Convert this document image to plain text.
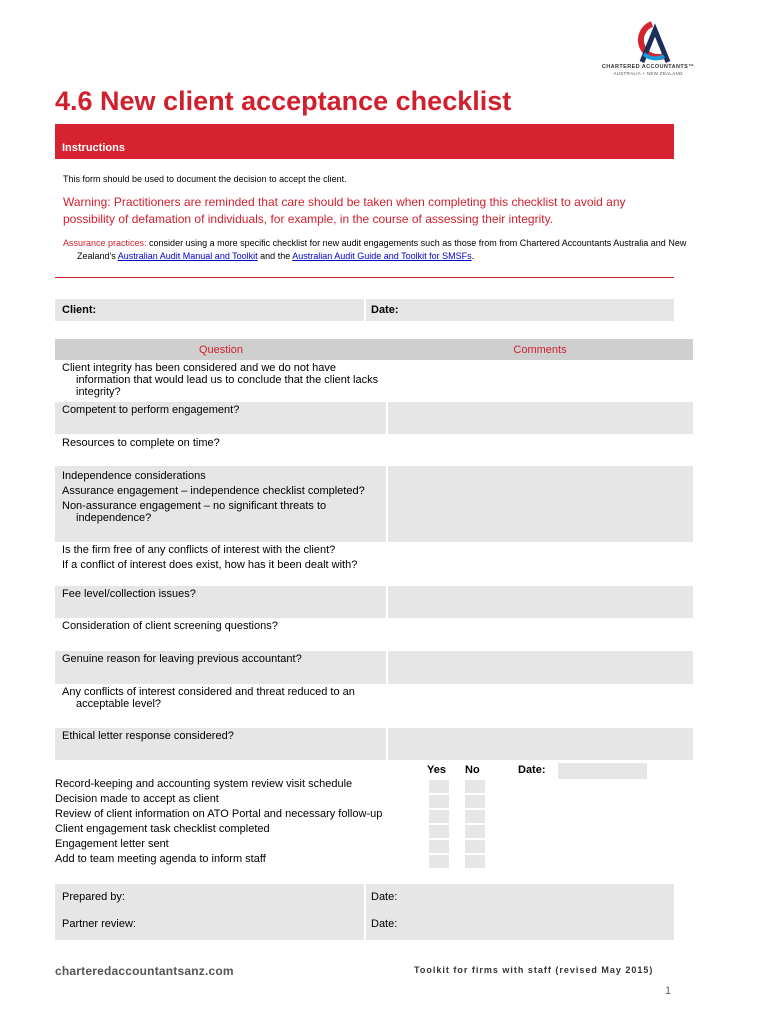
CHARTERED ACCOUNTANTS™
AUSTRALIA + NEW ZEALAND
4.6 New client acceptance checklist
Instructions
This form should be used to document the decision to accept the client.
Warning: Practitioners are reminded that care should be taken when completing this checklist to avoid any possibility of defamation of individuals, for example, in the course of assessing their integrity.
Assurance practices: consider using a more specific checklist for new audit engagements such as those from from Chartered Accountants Australia and New Zealand's Australian Audit Manual and Toolkit and the Australian Audit Guide and Toolkit for SMSFs.
Client:	Date:
Question	Comments

Client integrity has been considered and we do not have information that would lead us to conclude that the client lacks integrity?	

Competent to perform engagement?	

Resources to complete on time?	

Independence considerations
Assurance engagement – independence checklist completed?
Non-assurance engagement – no significant threats to independence?	

Is the firm free of any conflicts of interest with the client?
If a conflict of interest does exist, how has it been dealt with?	

Fee level/collection issues?	

Consideration of client screening questions?	

Genuine reason for leaving previous accountant?	

Any conflicts of interest considered and threat reduced to an acceptable level?	

Ethical letter response considered?	

Yes No	Date:
Record-keeping and accounting system review visit schedule
Decision made to accept as client
Review of client information on ATO Portal and necessary follow-up
Client engagement task checklist completed
Engagement letter sent
Add to team meeting agenda to inform staff
Prepared by:	Date:
Partner review:	Date:
charteredaccountantsanz.com	Toolkit for firms with staff (revised May 2015)
1
